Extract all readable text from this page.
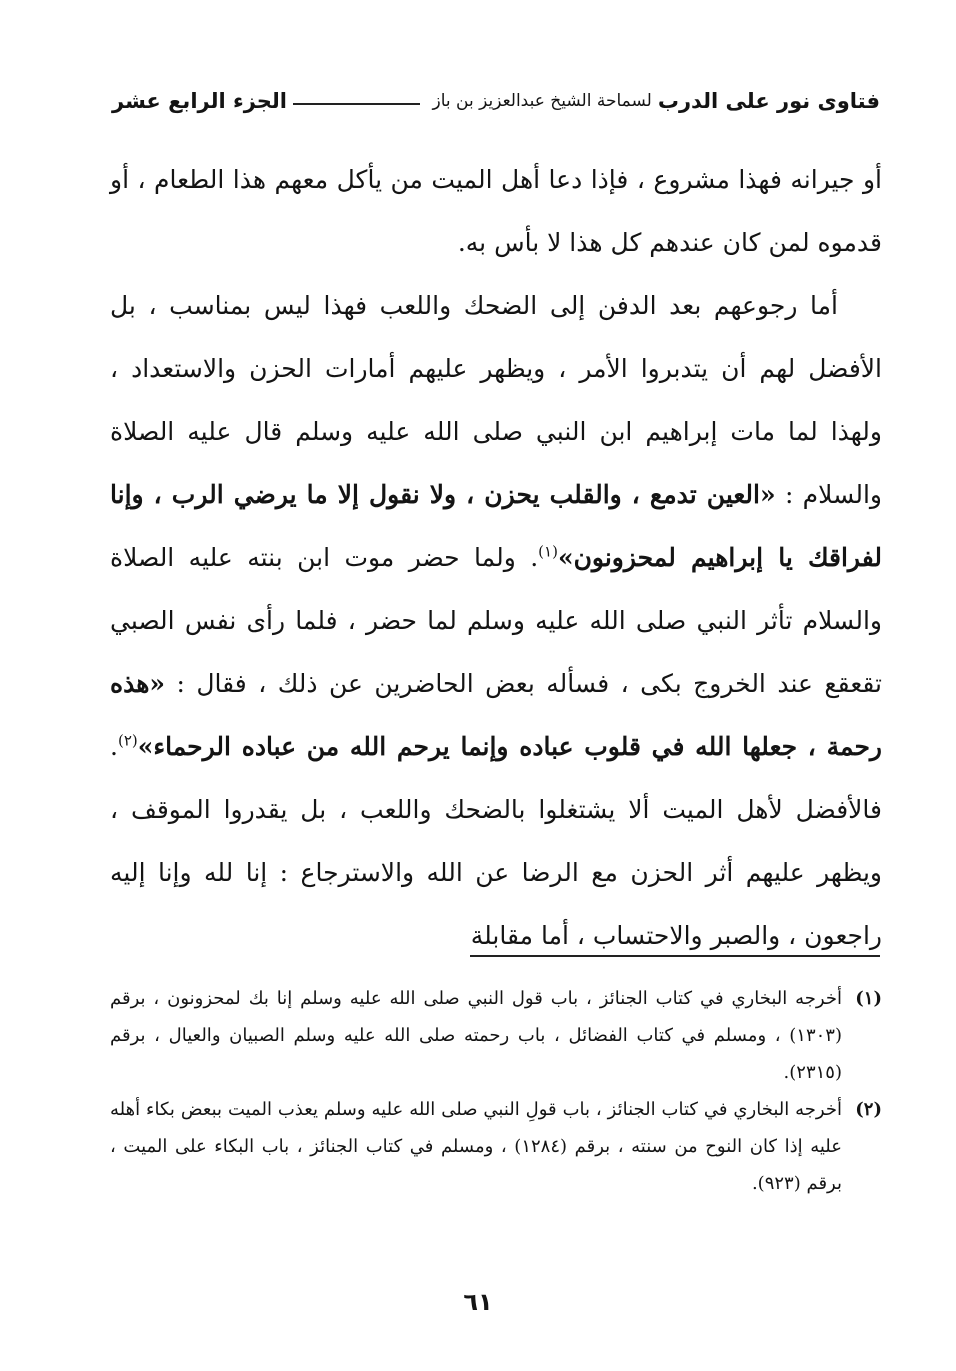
فتاوى نور على الدرب
لسماحة الشيخ عبدالعزيز بن باز
الجزء الرابع عشر

أو جيرانه فهذا مشروع ، فإذا دعا أهل الميت من يأكل معهم هذا الطعام ، أو قدموه لمن كان عندهم كل هذا لا بأس به.

أما رجوعهم بعد الدفن إلى الضحك واللعب فهذا ليس بمناسب ، بل الأفضل لهم أن يتدبروا الأمر ، ويظهر عليهم أمارات الحزن والاستعداد ، ولهذا لما مات إبراهيم ابن النبي صلى الله عليه وسلم قال عليه الصلاة والسلام : «العين تدمع ، والقلب يحزن ، ولا نقول إلا ما يرضي الرب ، وإنا لفراقك يا إبراهيم لمحزونون»$^{(١)}$. ولما حضر موت ابن بنته عليه الصلاة والسلام تأثر النبي صلى الله عليه وسلم لما حضر ، فلما رأى نفس الصبي تقعقع عند الخروج بكى ، فسأله بعض الحاضرين عن ذلك ، فقال : «هذه رحمة ، جعلها الله في قلوب عباده وإنما يرحم الله من عباده الرحماء»$^{(٢)}$. فالأفضل لأهل الميت ألا يشتغلوا بالضحك واللعب ، بل يقدروا الموقف ، ويظهر عليهم أثر الحزن مع الرضا عن الله والاسترجاع : إنا لله وإنا إليه راجعون ، والصبر والاحتساب ، أما مقابلة

(١)
أخرجه البخاري في كتاب الجنائز ، باب قول النبي صلى الله عليه وسلم إنا بك لمحزونون ، برقم (١٣٠٣) ، ومسلم في كتاب الفضائل ، باب رحمته صلى الله عليه وسلم الصبيان والعيال ، برقم (٢٣١٥).
(٢)
أخرجه البخاري في كتاب الجنائز ، باب قولِ النبي صلى الله عليه وسلم يعذب الميت ببعض بكاء أهله عليه إذا كان النوح من سنته ، برقم (١٢٨٤) ، ومسلم في كتاب الجنائز ، باب البكاء على الميت ، برقم (٩٢٣).
٦١
